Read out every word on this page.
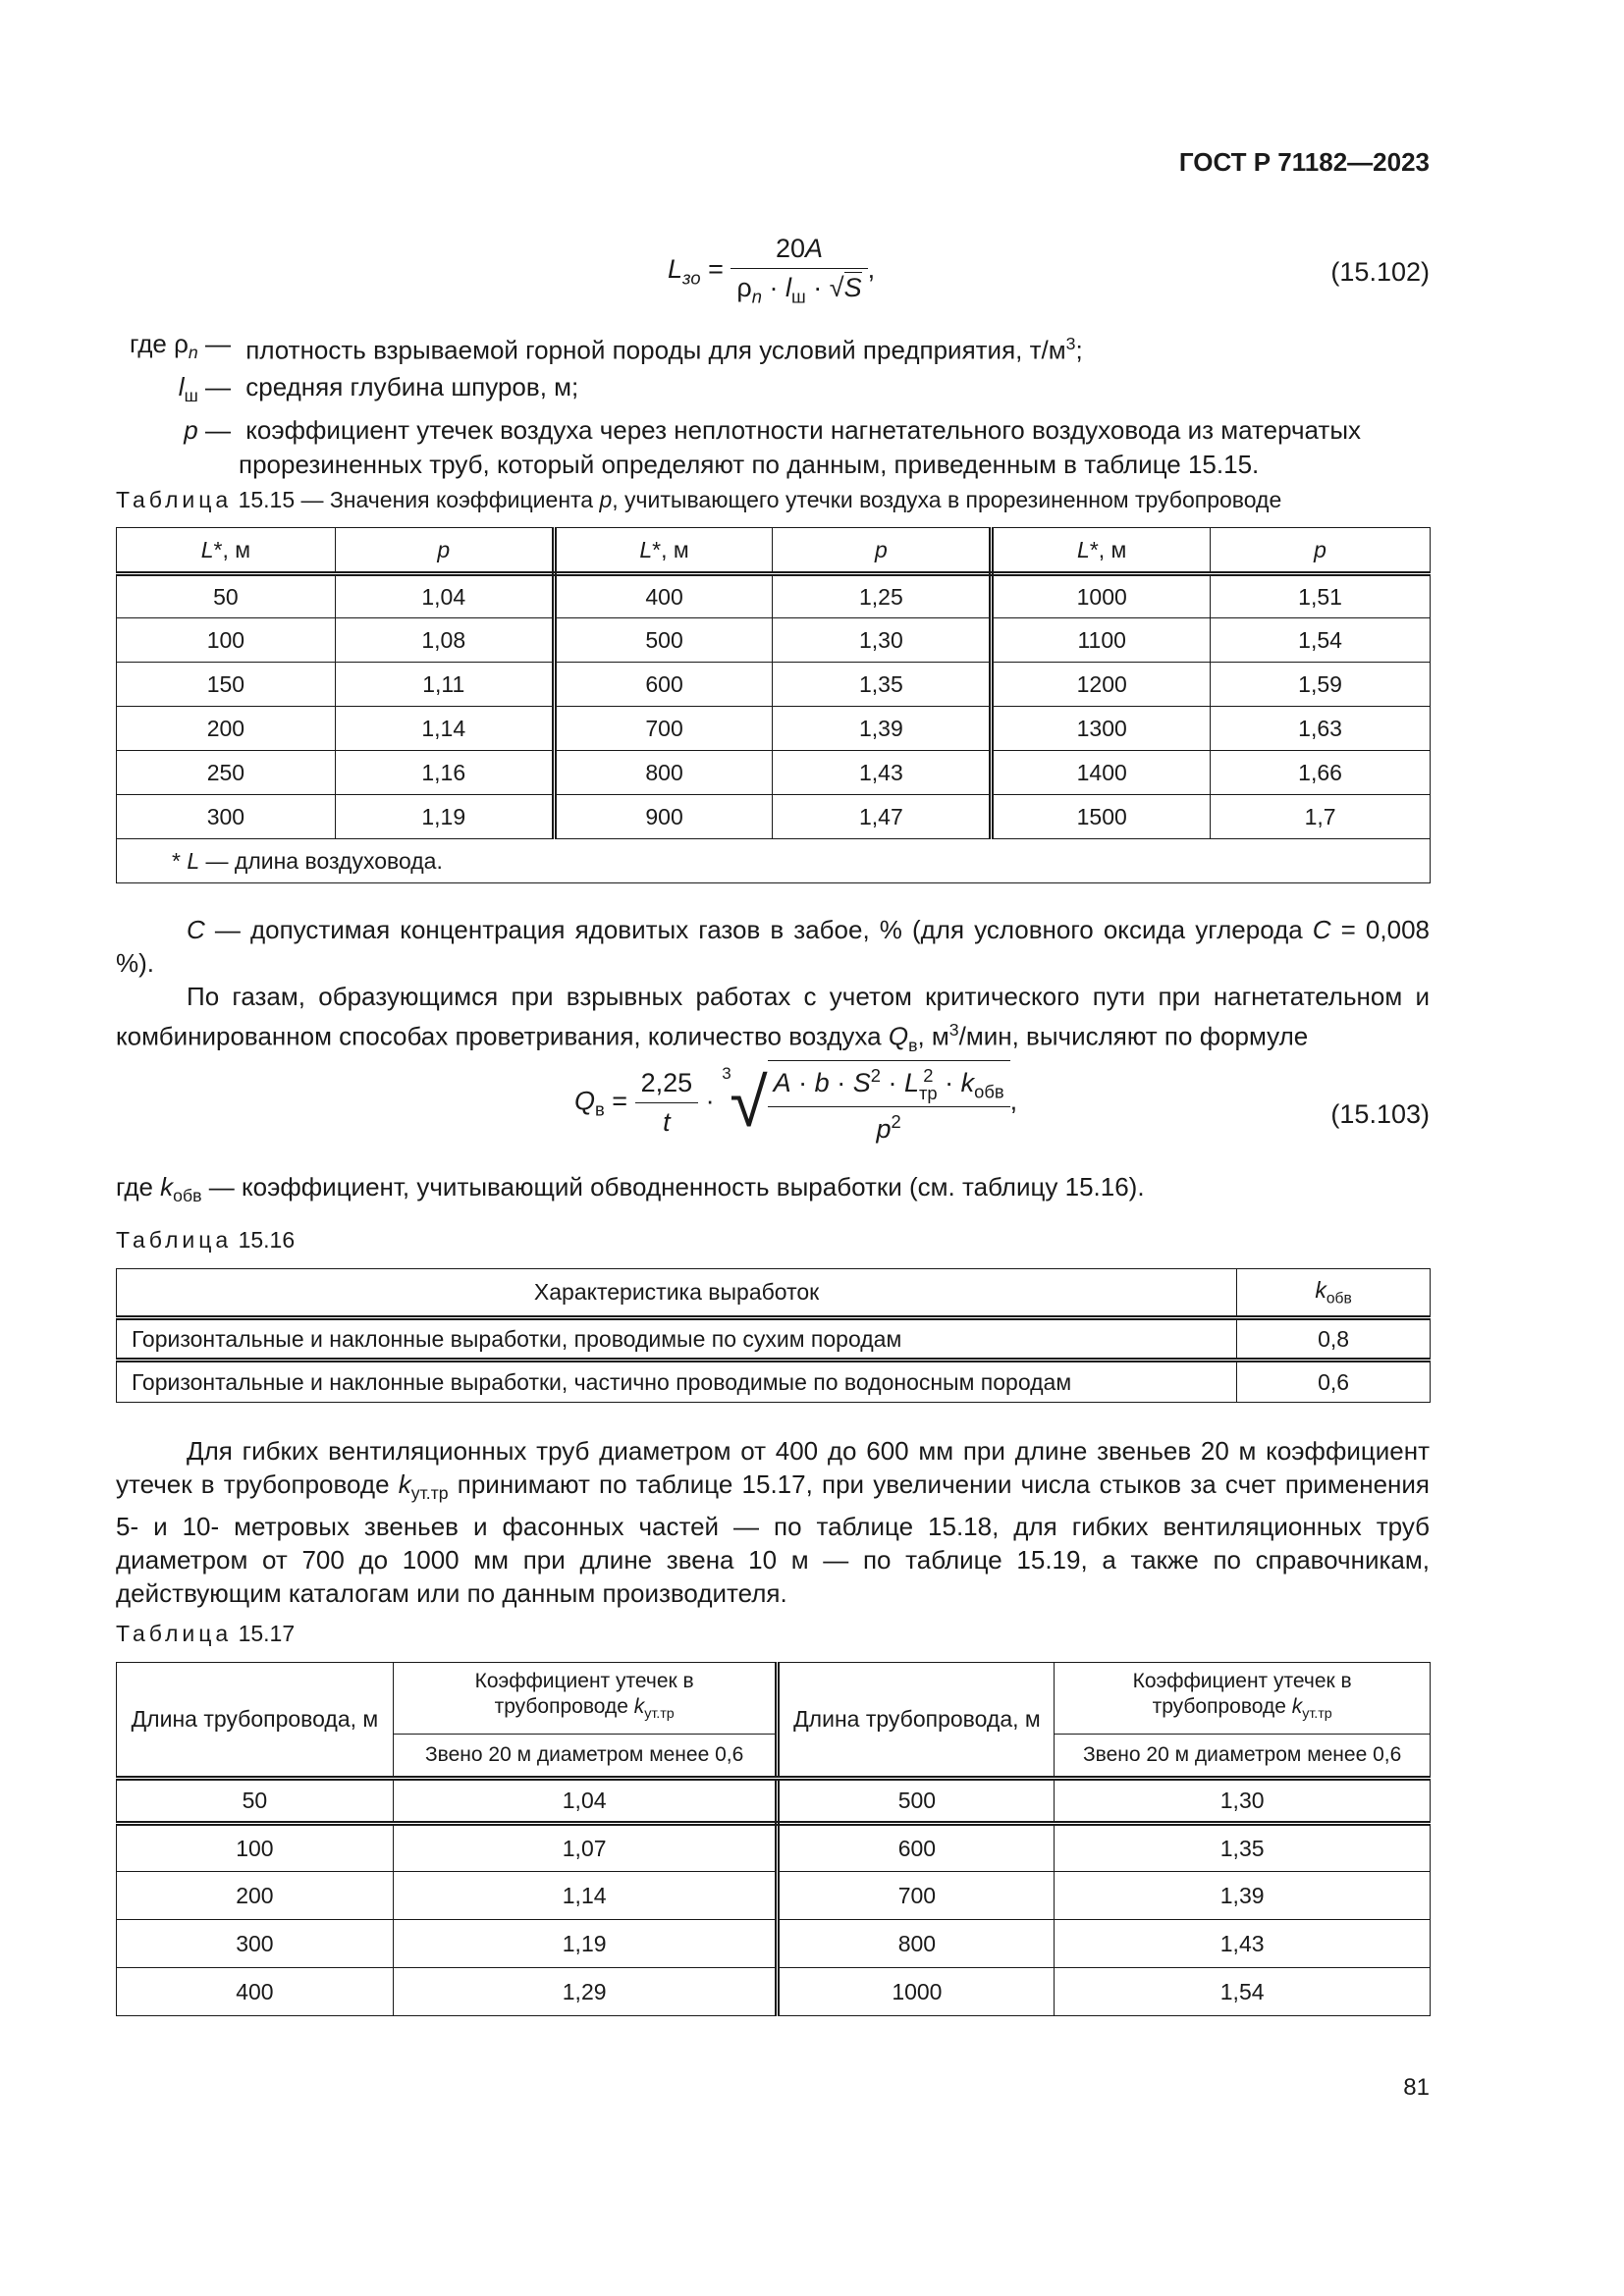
ГОСТ Р 71182—2023
$L_{зо} = \frac{20A}{\rho_n \cdot l_ш \cdot √S}$ ,	(15.102)
где $\rho_n$ — плотность взрываемой горной породы для условий предприятия, $т/м^3$;
$l_ш$ — средняя глубина шпуров, м;
p — коэффициент утечек воздуха через неплотности нагнетательного воздуховода из матерчатых прорезиненных труб, который определяют по данным, приведенным в таблице 15.15.
Таблица 15.15 — Значения коэффициента p, учитывающего утечки воздуха в прорезиненном трубопроводе
L*, м	p	L*, м	p	L*, м	p
50	1,04	400	1,25	1000	1,51
100	1,08	500	1,30	1100	1,54
150	1,11	600	1,35	1200	1,59
200	1,14	700	1,39	1300	1,63
250	1,16	800	1,43	1400	1,66
300	1,19	900	1,47	1500	1,7
* L — длина воздуховода.					
C — допустимая концентрация ядовитых газов в забое, % (для условного оксида углерода C = 0,008 %).
По газам, образующимся при взрывных работах с учетом критического пути при нагнетательном и комбинированном способах проветривания, количество воздуха $Q_в$, $м^3$/мин, вычисляют по формуле
$Q_в = \frac{2,25}{t}$ ·
3
√ $A \cdot b \cdot S^2 \cdot L$ 2
тр · $k_{обв}$
$p^2$
,	(15.103)
где $k_{обв}$ — коэффициент, учитывающий обводненность выработки (см. таблицу 15.16).
Таблица 15.16
Характеристика выработок	$k_{обв}$
Горизонтальные и наклонные выработки, проводимые по сухим породам	0,8
Горизонтальные и наклонные выработки, частично проводимые по водоносным породам	0,6
Для гибких вентиляционных труб диаметром от 400 до 600 мм при длине звеньев 20 м коэффициент утечек в трубопроводе $k_{ут.тр}$ принимают по таблице 15.17, при увеличении числа стыков за счет применения 5- и 10- метровых звеньев и фасонных частей — по таблице 15.18, для гибких вентиляционных труб диаметром от 700 до 1000 мм при длине звена 10 м — по таблице 15.19, а также по справочникам, действующим каталогам или по данным производителя.
Таблица 15.17
Длина трубопровода, м	Коэффициент утечек в
трубопроводе $k_{ут.тр}$	Длина трубопровода, м	Коэффициент утечек в
трубопроводе $k_{ут.тр}$
	Звено 20 м диаметром менее 0,6		Звено 20 м диаметром менее 0,6
50	1,04	500	1,30
100	1,07	600	1,35
200	1,14	700	1,39
300	1,19	800	1,43
400	1,29	1000	1,54
81
